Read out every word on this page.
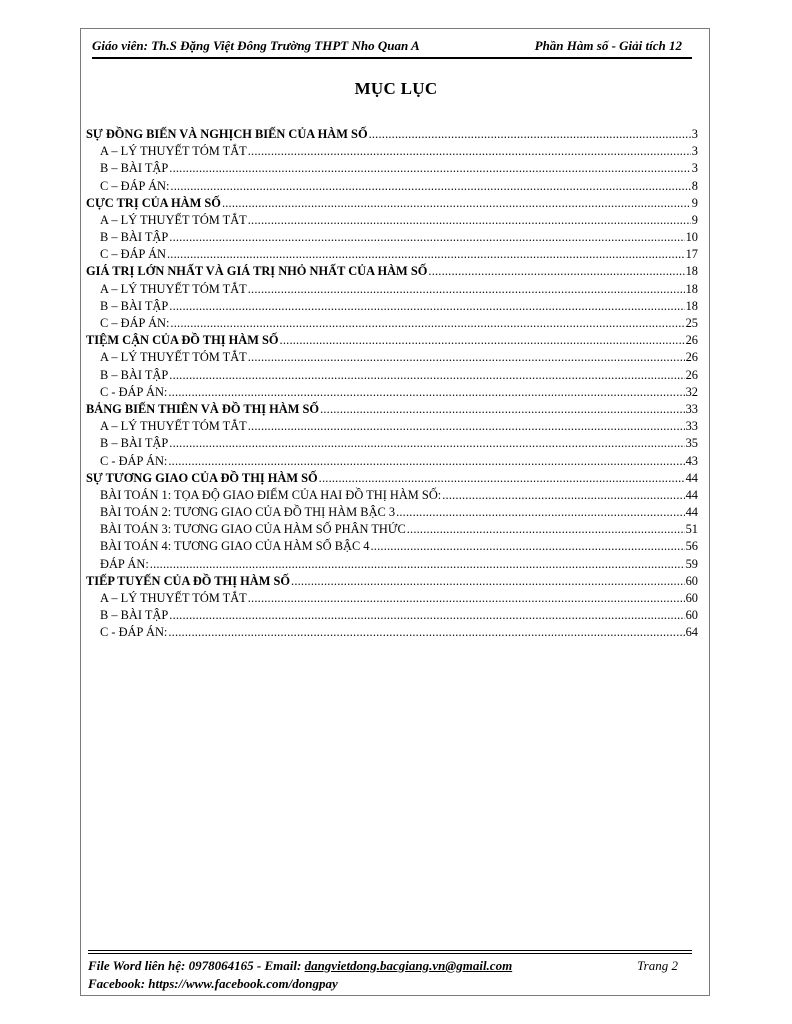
Giáo viên: Th.S Đặng Việt Đông Trường THPT Nho Quan A	Phần Hàm số - Giải tích 12
MỤC LỤC
SỰ ĐỒNG BIẾN VÀ NGHỊCH BIẾN CỦA HÀM SỐ .....	3
A – LÝ THUYẾT TÓM TẮT .....	3
B – BÀI TẬP .....	3
C – ĐÁP ÁN: .....	8
CỰC TRỊ CỦA HÀM SỐ .....	9
A – LÝ THUYẾT TÓM TẮT .....	9
B – BÀI TẬP .....	10
C – ĐÁP ÁN .....	17
GIÁ TRỊ LỚN NHẤT VÀ GIÁ TRỊ NHỎ NHẤT CỦA HÀM SỐ .....	18
A – LÝ THUYẾT TÓM TẮT .....	18
B – BÀI TẬP .....	18
C – ĐÁP ÁN: .....	25
TIỆM CẬN CỦA ĐỒ THỊ HÀM SỐ .....	26
A – LÝ THUYẾT TÓM TẮT .....	26
B – BÀI TẬP .....	26
C - ĐÁP ÁN: .....	32
BẢNG BIẾN THIÊN VÀ ĐỒ THỊ HÀM SỐ .....	33
A – LÝ THUYẾT TÓM TẮT .....	33
B – BÀI TẬP .....	35
C - ĐÁP ÁN: .....	43
SỰ TƯƠNG GIAO CỦA ĐỒ THỊ HÀM SỐ .....	44
BÀI TOÁN 1: TỌA ĐỘ GIAO ĐIỂM CỦA HAI ĐỒ THỊ HÀM SỐ: .....	44
BÀI TOÁN 2: TƯƠNG GIAO CỦA ĐỒ THỊ HÀM BẬC 3 .....	44
BÀI TOÁN 3: TƯƠNG GIAO CỦA HÀM SỐ PHÂN THỨC .....	51
BÀI TOÁN 4: TƯƠNG GIAO CỦA HÀM SỐ BẬC 4 .....	56
ĐÁP ÁN: .....	59
TIẾP TUYẾN CỦA ĐỒ THỊ HÀM SỐ .....	60
A – LÝ THUYẾT TÓM TẮT .....	60
B – BÀI TẬP .....	60
C - ĐÁP ÁN: .....	64
File Word liên hệ: 0978064165 - Email: dangvietdong.bacgiang.vn@gmail.com	Trang 2
Facebook: https://www.facebook.com/dongpay
